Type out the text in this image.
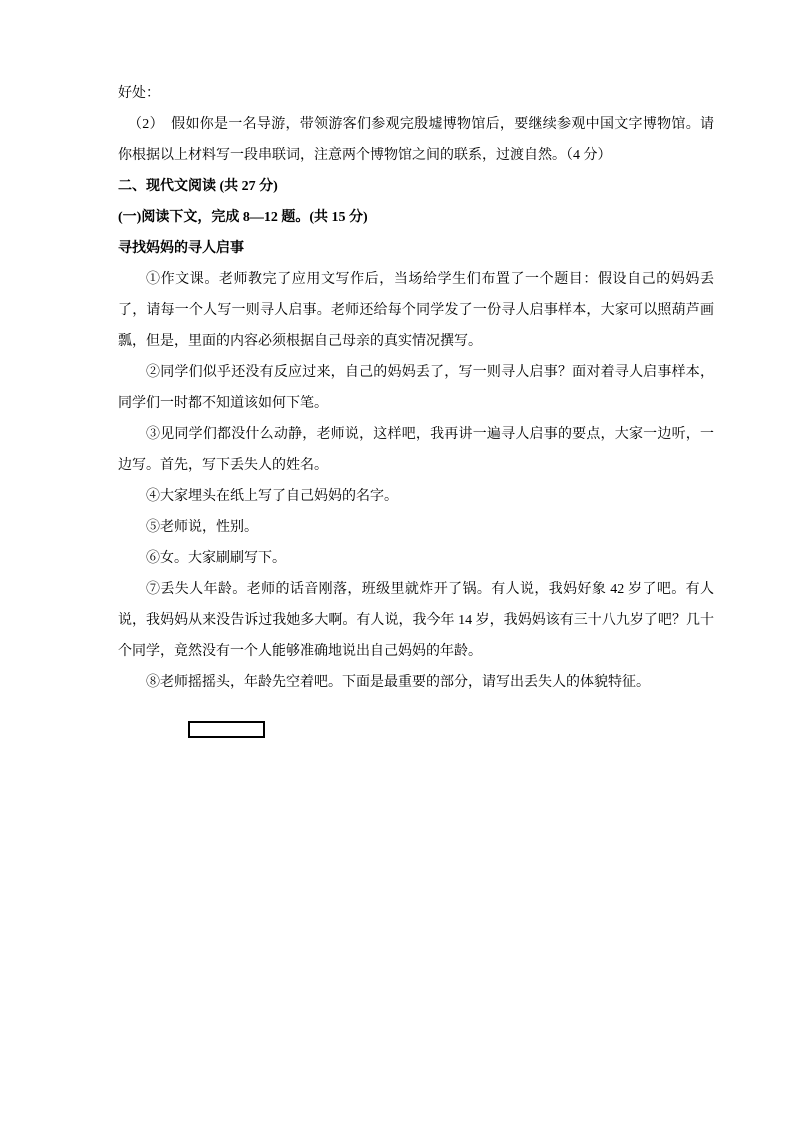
好处：

（2）　假如你是一名导游，带领游客们参观完殷墟博物馆后，要继续参观中国文字博物馆。请你根据以上材料写一段串联词，注意两个博物馆之间的联系，过渡自然。（4 分）

二、现代文阅读 (共 27 分)

(一)阅读下文，完成 8—12 题。(共 15 分)

寻找妈妈的寻人启事

①作文课。老师教完了应用文写作后，当场给学生们布置了一个题目：假设自己的妈妈丢了，请每一个人写一则寻人启事。老师还给每个同学发了一份寻人启事样本，大家可以照葫芦画瓢，但是，里面的内容必须根据自己母亲的真实情况撰写。

②同学们似乎还没有反应过来，自己的妈妈丢了，写一则寻人启事？面对着寻人启事样本，同学们一时都不知道该如何下笔。

③见同学们都没什么动静，老师说，这样吧，我再讲一遍寻人启事的要点，大家一边听，一边写。首先，写下丢失人的姓名。

④大家埋头在纸上写了自己妈妈的名字。

⑤老师说，性别。

⑥女。大家刷刷写下。

⑦丢失人年龄。老师的话音刚落，班级里就炸开了锅。有人说，我妈好象 42 岁了吧。有人说，我妈妈从来没告诉过我她多大啊。有人说，我今年 14 岁，我妈妈该有三十八九岁了吧？几十个同学，竟然没有一个人能够准确地说出自己妈妈的年龄。

⑧老师摇摇头，年龄先空着吧。下面是最重要的部分，请写出丢失人的体貌特征。
